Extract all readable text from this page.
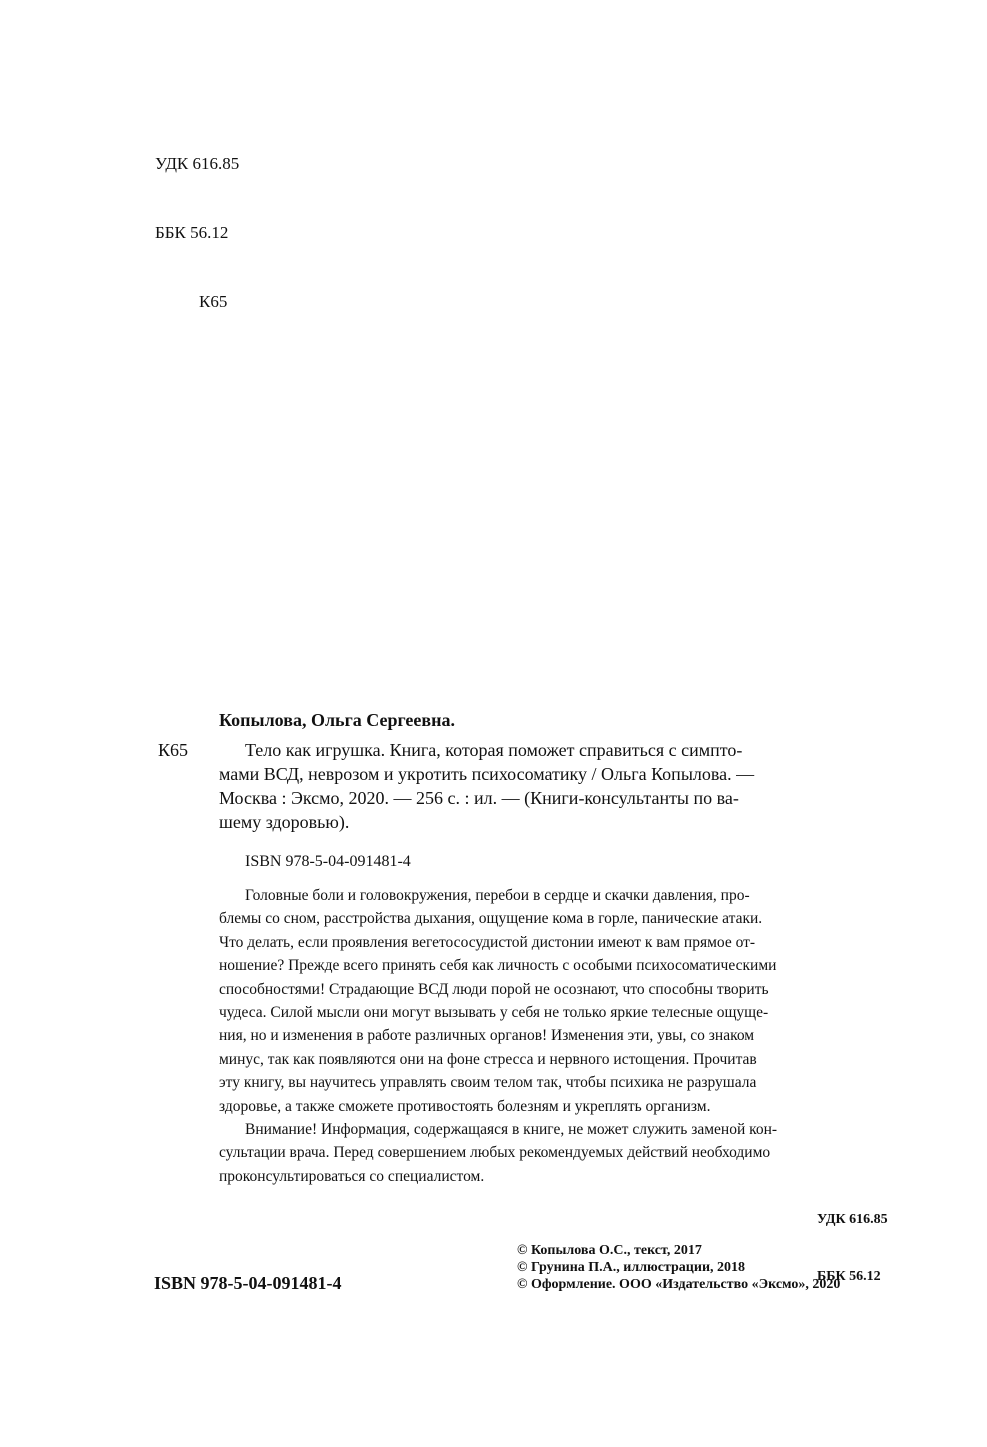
УДК 616.85

ББК 56.12

К65

Копылова, Ольга Сергеевна.
К65	Тело как игрушка. Книга, которая поможет справиться с симпто-
мами ВСД, неврозом и укротить психосоматику / Ольга Копылова. —
Москва : Эксмо, 2020. — 256 с. : ил. — (Книги-консультанты по ва-
шему здоровью).
ISBN 978-5-04-091481-4
Головные боли и головокружения, перебои в сердце и скачки давления, про-
блемы со сном, расстройства дыхания, ощущение кома в горле, панические атаки.
Что делать, если проявления вегетососудистой дистонии имеют к вам прямое от-
ношение? Прежде всего принять себя как личность с особыми психосоматическими
способностями! Страдающие ВСД люди порой не осознают, что способны творить
чудеса. Силой мысли они могут вызывать у себя не только яркие телесные ощуще-
ния, но и изменения в работе различных органов! Изменения эти, увы, со знаком
минус, так как появляются они на фоне стресса и нервного истощения. Прочитав
эту книгу, вы научитесь управлять своим телом так, чтобы психика не разрушала
здоровье, а также сможете противостоять болезням и укреплять организм.
Внимание! Информация, содержащаяся в книге, не может служить заменой кон-
сультации врача. Перед совершением любых рекомендуемых действий необходимо
проконсультироваться со специалистом.

УДК 616.85

ББК 56.12

© Копылова О.С., текст, 2017
© Грунина П.А., иллюстрации, 2018
© Оформление. ООО «Издательство «Эксмо», 2020
ISBN 978-5-04-091481-4
